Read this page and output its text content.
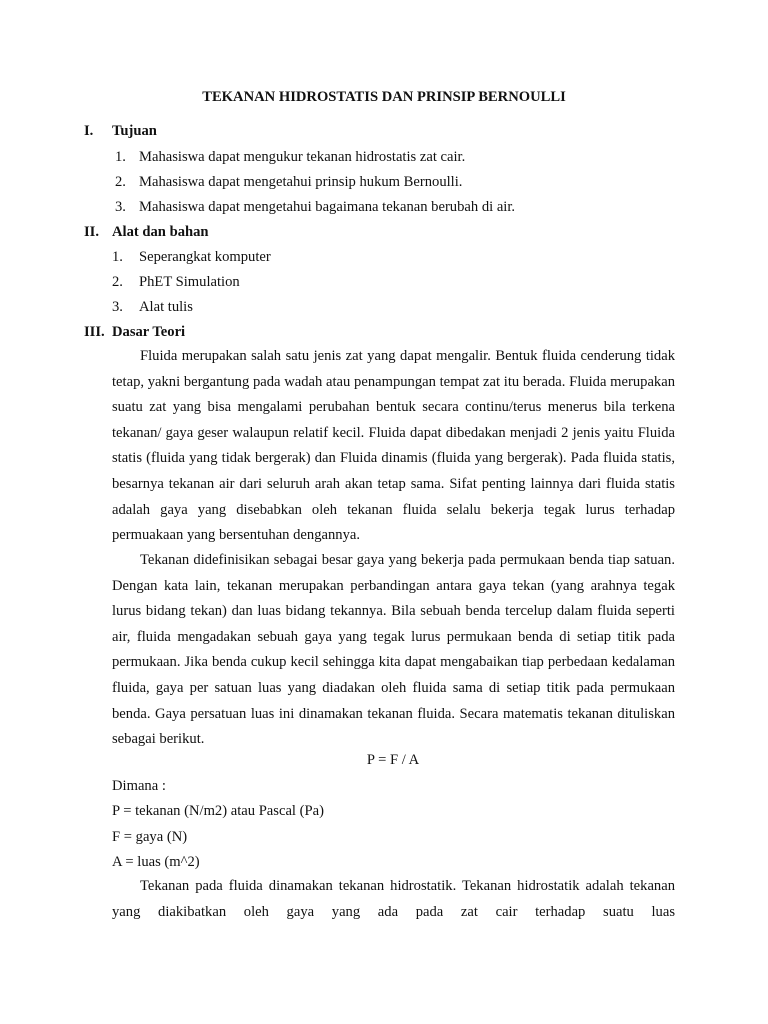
TEKANAN HIDROSTATIS DAN PRINSIP BERNOULLI
I. Tujuan
1. Mahasiswa dapat mengukur tekanan hidrostatis zat cair.
2. Mahasiswa dapat mengetahui prinsip hukum Bernoulli.
3. Mahasiswa dapat mengetahui bagaimana tekanan berubah di air.
II. Alat dan bahan
1. Seperangkat komputer
2. PhET Simulation
3. Alat tulis
III. Dasar Teori
Fluida merupakan salah satu jenis zat yang dapat mengalir. Bentuk fluida cenderung tidak tetap, yakni bergantung pada wadah atau penampungan tempat zat itu berada. Fluida merupakan suatu zat yang bisa mengalami perubahan bentuk secara continu/terus menerus bila terkena tekanan/ gaya geser walaupun relatif kecil. Fluida dapat dibedakan menjadi 2 jenis yaitu Fluida statis (fluida yang tidak bergerak) dan Fluida dinamis (fluida yang bergerak). Pada fluida statis, besarnya tekanan air dari seluruh arah akan tetap sama. Sifat penting lainnya dari fluida statis adalah gaya yang disebabkan oleh tekanan fluida selalu bekerja tegak lurus terhadap permuakaan yang bersentuhan dengannya.
Tekanan didefinisikan sebagai besar gaya yang bekerja pada permukaan benda tiap satuan. Dengan kata lain, tekanan merupakan perbandingan antara gaya tekan (yang arahnya tegak lurus bidang tekan) dan luas bidang tekannya. Bila sebuah benda tercelup dalam fluida seperti air, fluida mengadakan sebuah gaya yang tegak lurus permukaan benda di setiap titik pada permukaan. Jika benda cukup kecil sehingga kita dapat mengabaikan tiap perbedaan kedalaman fluida, gaya per satuan luas yang diadakan oleh fluida sama di setiap titik pada permukaan benda. Gaya persatuan luas ini dinamakan tekanan fluida. Secara matematis tekanan dituliskan sebagai berikut.
P = F / A
Dimana :
P = tekanan (N/m2) atau Pascal (Pa)
F = gaya (N)
A = luas (m^2)
Tekanan pada fluida dinamakan tekanan hidrostatik. Tekanan hidrostatik adalah tekanan yang diakibatkan oleh gaya yang ada pada zat cair terhadap suatu luas
